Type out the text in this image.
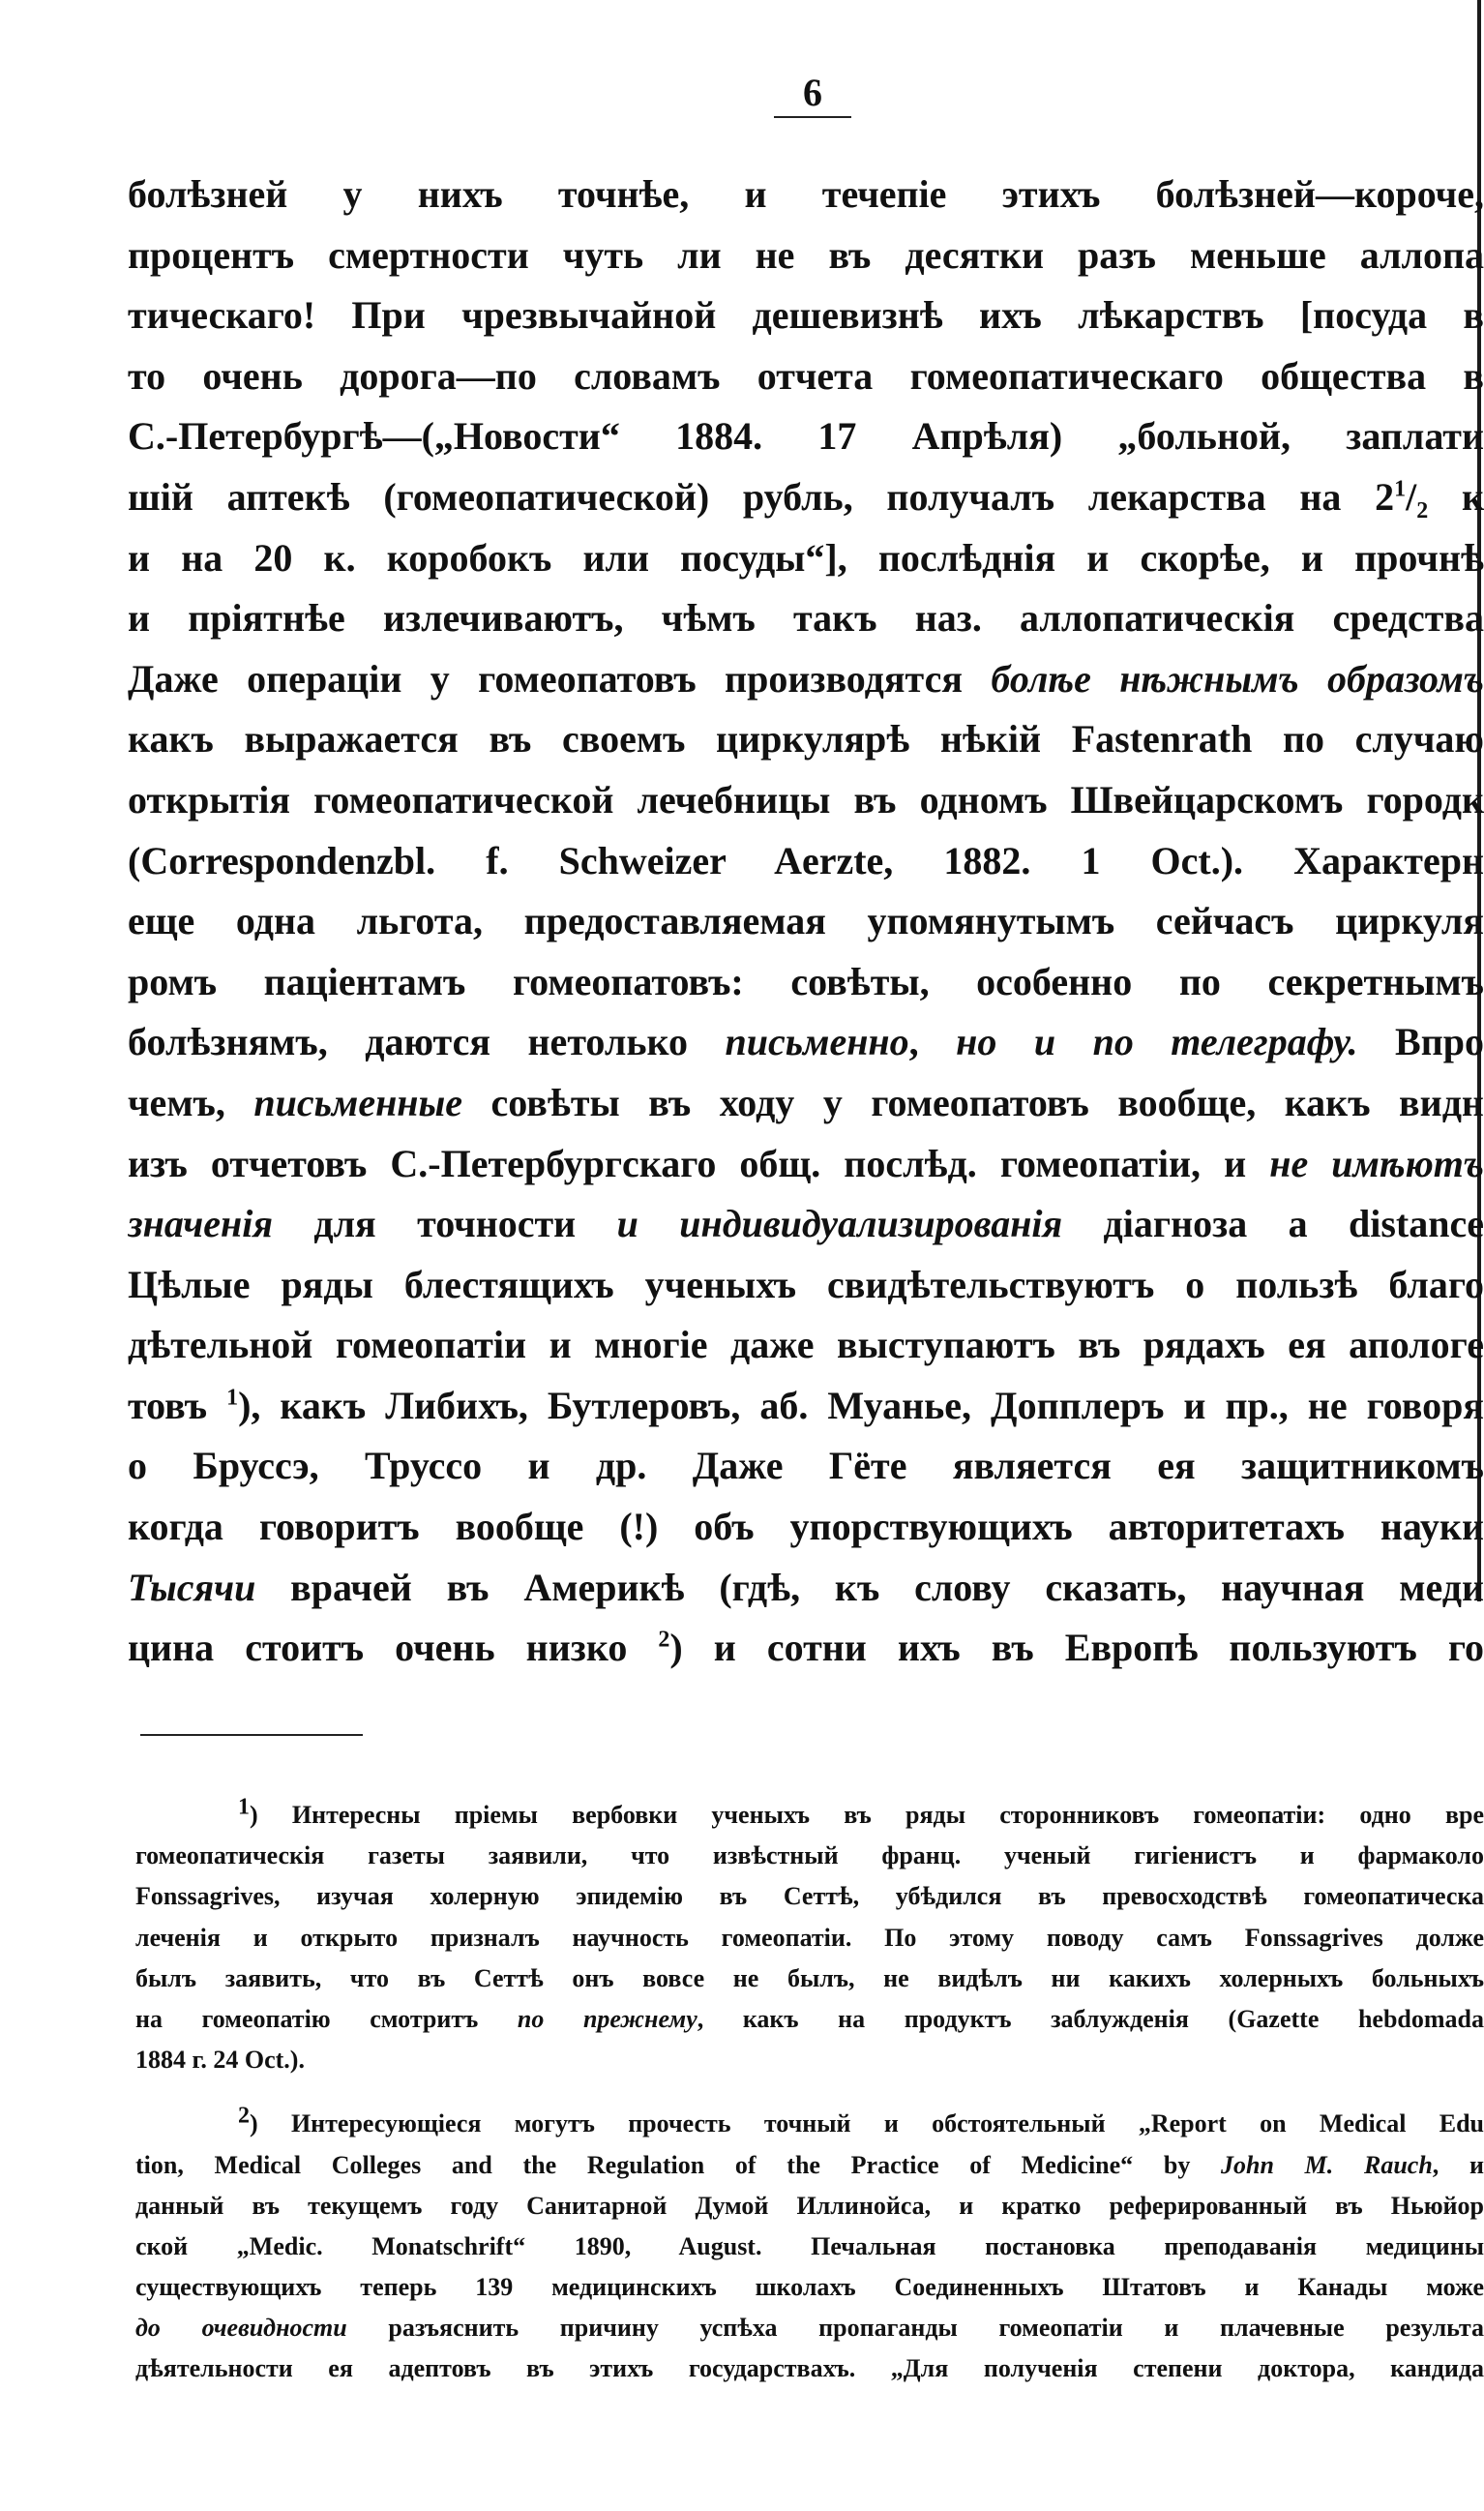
6
болѣзней у нихъ точнѣе, и течепіе этихъ болѣзней—короче,
процентъ смертности чуть ли не въ десятки разъ меньше аллопа
тическаго! При чрезвычайной дешевизнѣ ихъ лѣкарствъ [посуда в
то очень дорога—по словамъ отчета гомеопатическаго общества в
С.-Петербургѣ—(„Новости“ 1884. 17 Апрѣля) „больной, заплати
шій аптекѣ (гомеопатической) рубль, получалъ лекарства на $2^1/_2$ к
и на 20 к. коробокъ или посуды“], послѣднія и скорѣе, и прочнѣ
и пріятнѣе излечиваютъ, чѣмъ такъ наз. аллопатическія средства
Даже операціи у гомеопатовъ производятся болѣе нѣжнымъ образомъ
какъ выражается въ своемъ циркулярѣ нѣкій Fastenrath по случаю
открытія гомеопатической лечебницы въ одномъ Швейцарскомъ городк
(Correspondenzbl. f. Schweizer Aerzte, 1882. 1 Oct.). Характерн
еще одна льгота, предоставляемая упомянутымъ сейчасъ циркуля
ромъ паціентамъ гомеопатовъ: совѣты, особенно по секретнымъ
болѣзнямъ, даются нетолько письменно, но и по телеграфу. Впро
чемъ, письменные совѣты въ ходу у гомеопатовъ вообще, какъ видн
изъ отчетовъ С.-Петербургскаго общ. послѣд. гомеопатіи, и не имѣютъ
значенія для точности и индивидуализированія діагноза a distance
Цѣлые ряды блестящихъ ученыхъ свидѣтельствуютъ о пользѣ благо
дѣтельной гомеопатіи и многіе даже выступаютъ въ рядахъ ея апологе
товъ $^1$), какъ Либихъ, Бутлеровъ, аб. Муанье, Допплеръ и пр., не говоря
о Бруссэ, Труссо и др. Даже Гёте является ея защитникомъ
когда говоритъ вообще (!) объ упорствующихъ авторитетахъ науки
Тысячи врачей въ Америкѣ (гдѣ, къ слову сказать, научная меди
цина стоитъ очень низко $^2$) и сотни ихъ въ Европѣ пользуютъ го
1) Интересны пріемы вербовки ученыхъ въ ряды сторонниковъ гомеопатіи: одно вре
гомеопатическія газеты заявили, что извѣстный франц. ученый гигіенистъ и фармаколо
Fonssagrives, изучая холерную эпидемію въ Сеттѣ, убѣдился въ превосходствѣ гомеопатическа
леченія и открыто призналъ научность гомеопатіи. По этому поводу самъ Fonssagrives долже
былъ заявить, что въ Сеттѣ онъ вовсе не былъ, не видѣлъ ни какихъ холерныхъ больныхъ
на гомеопатію смотритъ по прежнему, какъ на продуктъ заблужденія (Gazette hebdomada
1884 г. 24 Oct.).
2) Интересующіеся могутъ прочесть точный и обстоятельный „Report on Medical Edu
tion, Medical Colleges and the Regulation of the Practice of Medicine“ by John M. Rauch, и
данный въ текущемъ году Санитарной Думой Иллинойса, и кратко реферированный въ Ньюйор
ской „Medic. Monatschrift“ 1890, August. Печальная постановка преподаванія медицины
существующихъ теперь 139 медицинскихъ школахъ Соединенныхъ Штатовъ и Канады може
до очевидности разъяснить причину успѣха пропаганды гомеопатіи и плачевные результа
дѣятельности ея адептовъ въ этихъ государствахъ. „Для полученія степени доктора, кандида
